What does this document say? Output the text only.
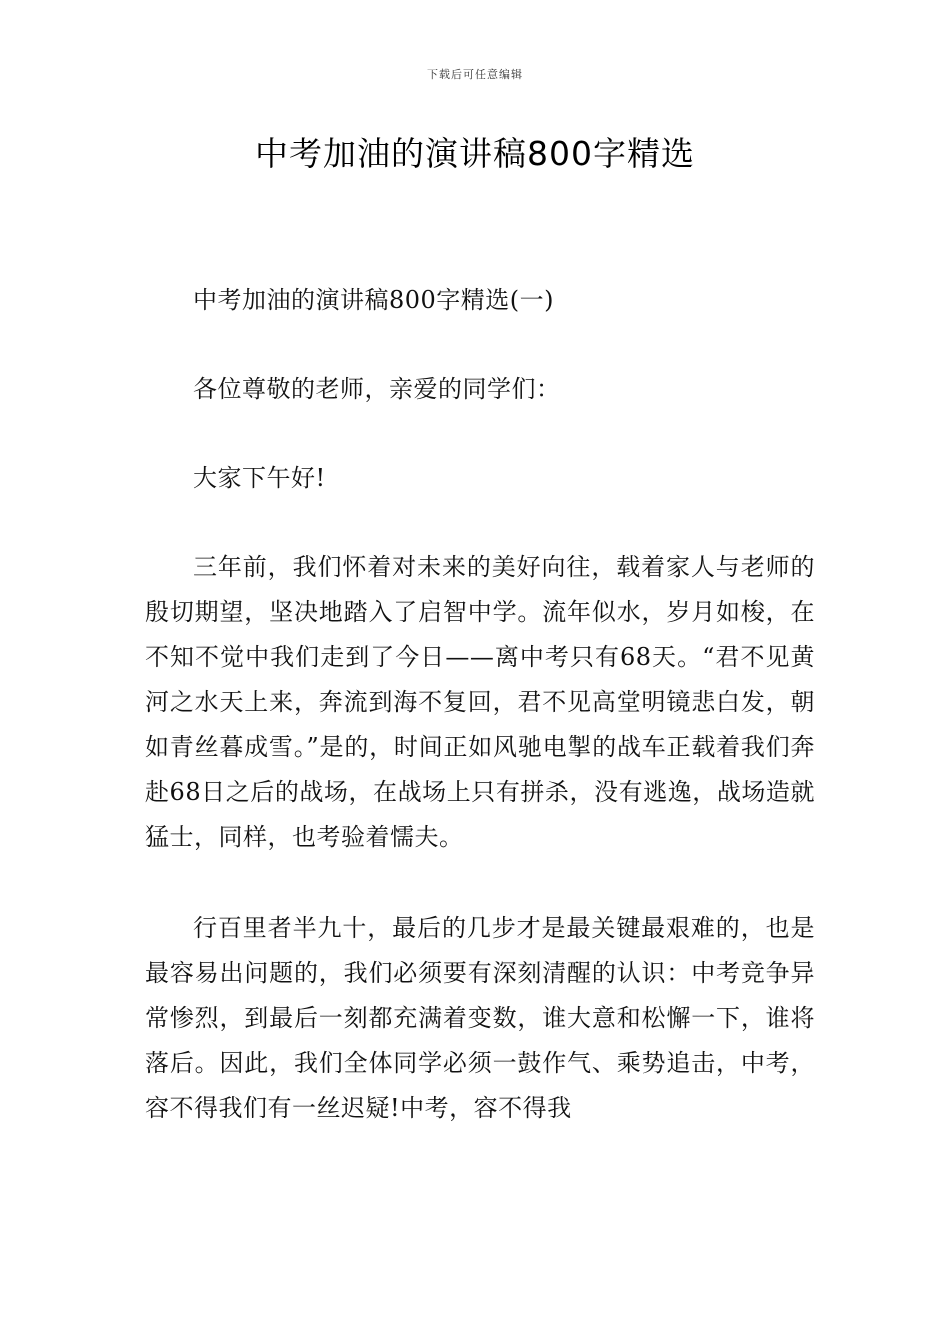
下载后可任意编辑
中考加油的演讲稿800字精选

中考加油的演讲稿800字精选(一)

各位尊敬的老师，亲爱的同学们：

大家下午好!

三年前，我们怀着对未来的美好向往，载着家人与老师的殷切期望，坚决地踏入了启智中学。流年似水，岁月如梭，在不知不觉中我们走到了今日——离中考只有68天。“君不见黄河之水天上来，奔流到海不复回，君不见高堂明镜悲白发，朝如青丝暮成雪。”是的，时间正如风驰电掣的战车正载着我们奔赴68日之后的战场，在战场上只有拼杀，没有逃逸，战场造就猛士，同样，也考验着懦夫。

行百里者半九十，最后的几步才是最关键最艰难的，也是最容易出问题的，我们必须要有深刻清醒的认识：中考竞争异常惨烈，到最后一刻都充满着变数，谁大意和松懈一下，谁将落后。因此，我们全体同学必须一鼓作气、乘势追击，中考，容不得我们有一丝迟疑!中考，容不得我
